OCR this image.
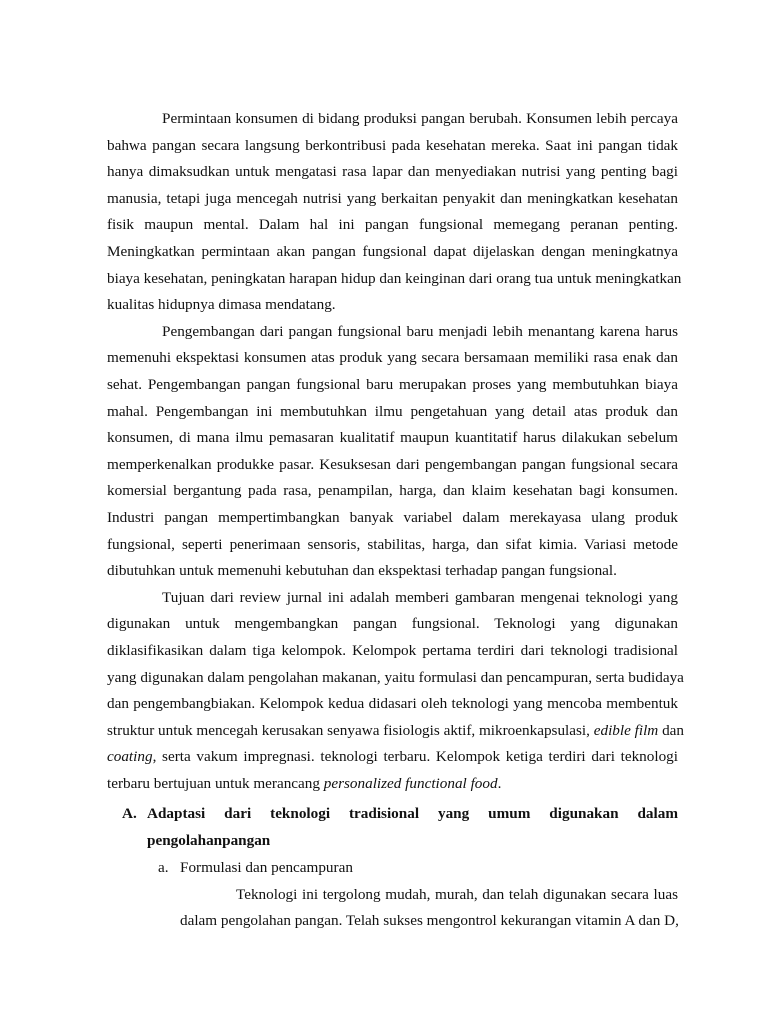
Permintaan konsumen di bidang produksi pangan berubah. Konsumen lebih percaya
bahwa pangan secara langsung berkontribusi pada kesehatan mereka. Saat ini pangan tidak
hanya dimaksudkan untuk mengatasi rasa lapar dan menyediakan nutrisi yang penting bagi
manusia, tetapi juga mencegah nutrisi yang berkaitan penyakit dan meningkatkan kesehatan
fisik maupun mental. Dalam hal ini pangan fungsional memegang peranan penting.
Meningkatkan permintaan akan pangan fungsional dapat dijelaskan dengan meningkatnya
biaya kesehatan, peningkatan harapan hidup dan keinginan dari orang tua untuk meningkatkan
kualitas hidupnya dimasa mendatang.
Pengembangan dari pangan fungsional baru menjadi lebih menantang karena harus
memenuhi ekspektasi konsumen atas produk yang secara bersamaan memiliki rasa enak dan
sehat. Pengembangan pangan fungsional baru merupakan proses yang membutuhkan biaya
mahal. Pengembangan ini membutuhkan ilmu pengetahuan yang detail atas produk dan
konsumen, di mana ilmu pemasaran kualitatif maupun kuantitatif harus dilakukan sebelum
memperkenalkan produkke pasar. Kesuksesan dari pengembangan pangan fungsional secara
komersial bergantung pada rasa, penampilan, harga, dan klaim kesehatan bagi konsumen.
Industri pangan mempertimbangkan banyak variabel dalam merekayasa ulang produk
fungsional, seperti penerimaan sensoris, stabilitas, harga, dan sifat kimia. Variasi metode
dibutuhkan untuk memenuhi kebutuhan dan ekspektasi terhadap pangan fungsional.
Tujuan dari review jurnal ini adalah memberi gambaran mengenai teknologi yang
digunakan untuk mengembangkan pangan fungsional. Teknologi yang digunakan
diklasifikasikan dalam tiga kelompok. Kelompok pertama terdiri dari teknologi tradisional
yang digunakan dalam pengolahan makanan, yaitu formulasi dan pencampuran, serta budidaya
dan pengembangbiakan. Kelompok kedua didasari oleh teknologi yang mencoba membentuk
struktur untuk mencegah kerusakan senyawa fisiologis aktif, mikroenkapsulasi, edible film dan
coating, serta vakum impregnasi. teknologi terbaru. Kelompok ketiga terdiri dari teknologi
terbaru bertujuan untuk merancang personalized functional food.
A. Adaptasi dari teknologi tradisional yang umum digunakan dalam
pengolahanpangan
a. Formulasi dan pencampuran
Teknologi ini tergolong mudah, murah, dan telah digunakan secara luas
dalam pengolahan pangan. Telah sukses mengontrol kekurangan vitamin A dan D,
